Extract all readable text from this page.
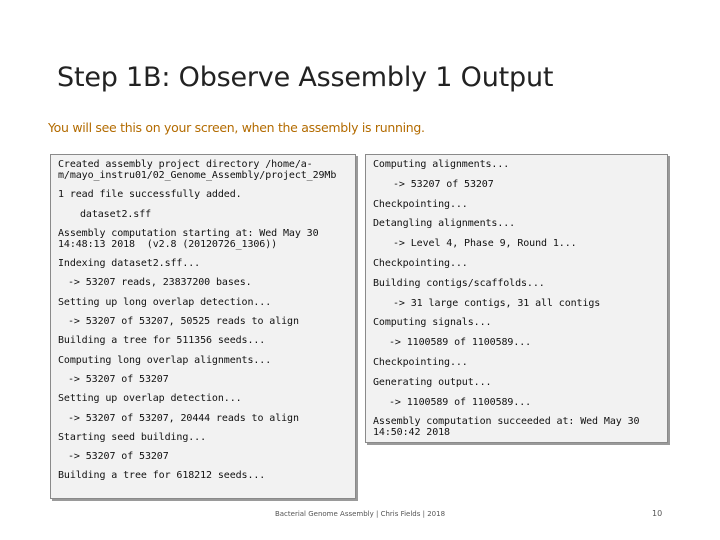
Step 1B: Observe Assembly 1 Output
You will see this on your screen, when the assembly is running.
Created assembly project directory /home/a-m/mayo_instru01/02_Genome_Assembly/project_29Mb
1 read file successfully added.
dataset2.sff
Assembly computation starting at: Wed May 30 14:48:13 2018  (v2.8 (20120726_1306))
Indexing dataset2.sff...
-> 53207 reads, 23837200 bases.
Setting up long overlap detection...
-> 53207 of 53207, 50525 reads to align
Building a tree for 511356 seeds...
Computing long overlap alignments...
-> 53207 of 53207
Setting up overlap detection...
-> 53207 of 53207, 20444 reads to align
Starting seed building...
-> 53207 of 53207
Building a tree for 618212 seeds...
Computing alignments...
-> 53207 of 53207
Checkpointing...
Detangling alignments...
-> Level 4, Phase 9, Round 1...
Checkpointing...
Building contigs/scaffolds...
-> 31 large contigs, 31 all contigs
Computing signals...
-> 1100589 of 1100589...
Checkpointing...
Generating output...
-> 1100589 of 1100589...
Assembly computation succeeded at: Wed May 30 14:50:42 2018
Bacterial Genome Assembly | Chris Fields | 2018	10
